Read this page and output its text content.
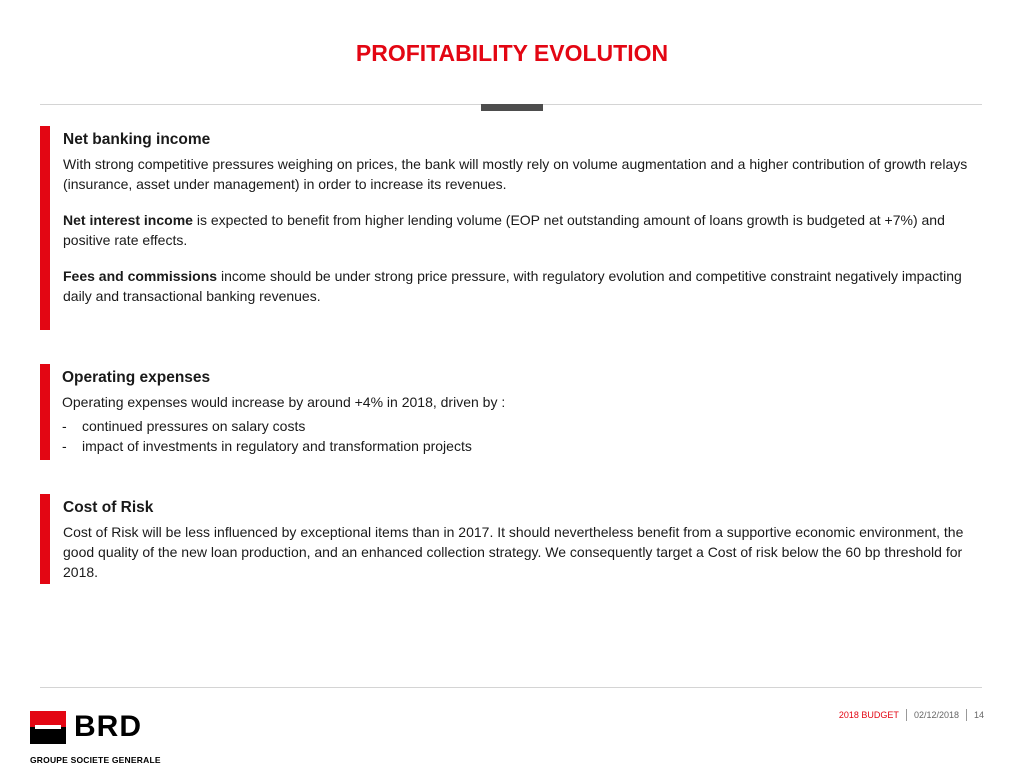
PROFITABILITY EVOLUTION
Net banking income

With strong competitive pressures weighing on prices, the bank will mostly rely on volume augmentation and a higher contribution of growth relays (insurance, asset under management) in order to increase its revenues.

Net interest income is expected to benefit from higher lending volume (EOP net outstanding amount of loans growth is budgeted at +7%) and positive rate effects.

Fees and commissions income should be under strong price pressure, with regulatory evolution and competitive constraint negatively impacting daily and transactional banking revenues.

Operating expenses

Operating expenses would increase by around +4% in 2018, driven by :

- continued pressures on salary costs
- impact of investments in regulatory and transformation projects
Cost of Risk

Cost of Risk will be less influenced by exceptional items than in 2017. It should nevertheless benefit from a supportive economic environment, the good quality of the new loan production, and an enhanced collection strategy. We consequently target a Cost of risk below the 60 bp threshold for 2018.

BRD
GROUPE SOCIETE GENERALE
2018 BUDGET 02/12/2018 14
